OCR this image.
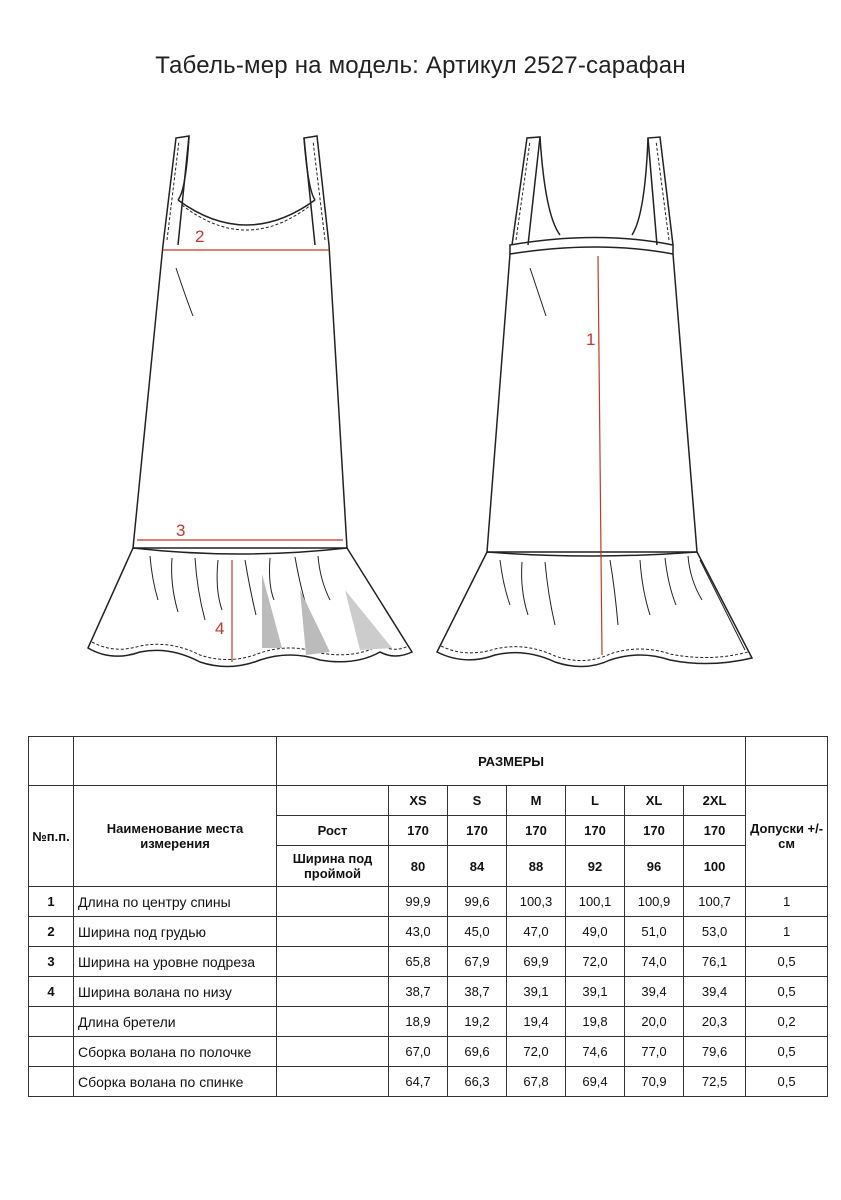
Табель-мер на модель: Артикул 2527-сарафан
2
3
4
1
		РАЗМЕРЫ							
№п.п.	Наименование места измерения		XS	S	M	L	XL	2XL	Допуски +/- см
		Рост	170	170	170	170	170	170	
		Ширина под проймой	80	84	88	92	96	100	

1	Длина по центру спины		99,9	99,6	100,3	100,1	100,9	100,7	1
2	Ширина под грудью		43,0	45,0	47,0	49,0	51,0	53,0	1
3	Ширина на уровне подреза		65,8	67,9	69,9	72,0	74,0	76,1	0,5
4	Ширина волана по низу		38,7	38,7	39,1	39,1	39,4	39,4	0,5
	Длина бретели		18,9	19,2	19,4	19,8	20,0	20,3	0,2
	Сборка волана по полочке		67,0	69,6	72,0	74,6	77,0	79,6	0,5
	Сборка волана по спинке		64,7	66,3	67,8	69,4	70,9	72,5	0,5
